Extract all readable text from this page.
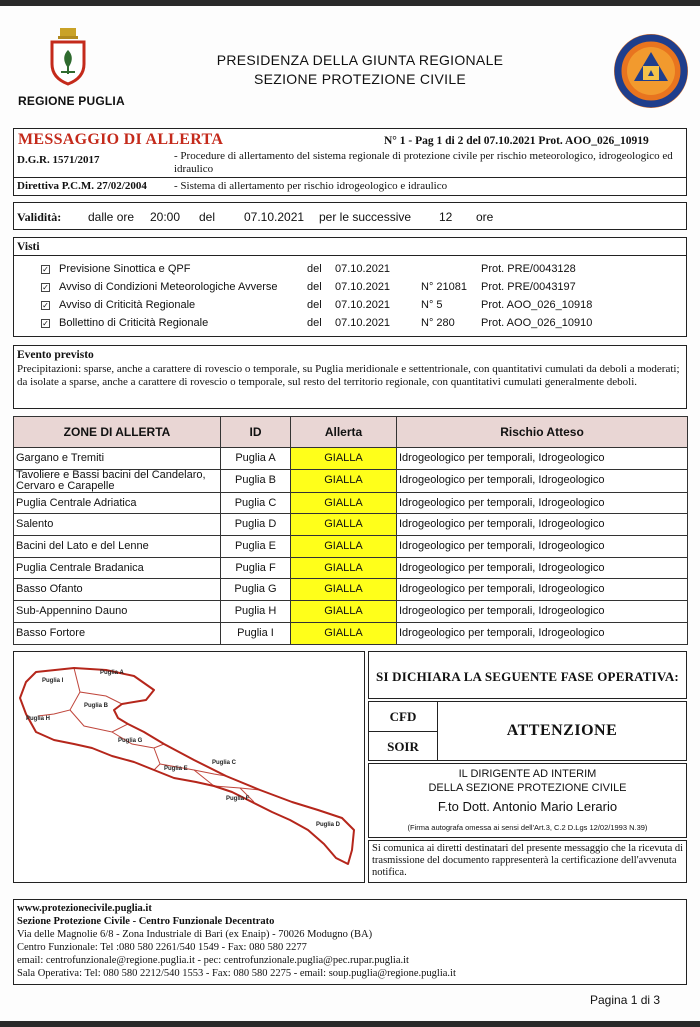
REGIONE PUGLIA
PRESIDENZA DELLA GIUNTA REGIONALE
SEZIONE PROTEZIONE CIVILE
MESSAGGIO DI ALLERTA	N° 1 - Pag 1 di 2 del 07.10.2021 Prot. AOO_026_10919
D.G.R. 1571/2017	- Procedure di allertamento del sistema regionale di protezione civile per rischio meteorologico, idrogeologico ed idraulico
Direttiva P.C.M. 27/02/2004 - Sistema di allertamento per rischio idrogeologico e idraulico
Validità: dalle ore 20:00 del 07.10.2021 per le successive 12 ore
Visti
✓ Previsione Sinottica e QPF	del 07.10.2021	Prot. PRE/0043128
✓ Avviso di Condizioni Meteorologiche Avverse	del 07.10.2021	N° 21081 Prot. PRE/0043197
✓ Avviso di Criticità Regionale	del 07.10.2021	N° 5	Prot. AOO_026_10918
✓ Bollettino di Criticità Regionale	del 07.10.2021	N° 280 Prot. AOO_026_10910
Evento previsto
Precipitazioni: sparse, anche a carattere di rovescio o temporale, su Puglia meridionale e settentrionale, con quantitativi cumulati da deboli a moderati; da isolate a sparse, anche a carattere di rovescio o temporale, sul resto del territorio regionale, con quantitativi cumulati generalmente deboli.
ZONE DI ALLERTA	ID	Allerta	Rischio Atteso
Gargano e Tremiti	Puglia A	GIALLA	Idrogeologico per temporali, Idrogeologico
Tavoliere e Bassi bacini del Candelaro, Cervaro e Carapelle	Puglia B	GIALLA	Idrogeologico per temporali, Idrogeologico
Puglia Centrale Adriatica	Puglia C	GIALLA	Idrogeologico per temporali, Idrogeologico
Salento	Puglia D	GIALLA	Idrogeologico per temporali, Idrogeologico
Bacini del Lato e del Lenne	Puglia E	GIALLA	Idrogeologico per temporali, Idrogeologico
Puglia Centrale Bradanica	Puglia F	GIALLA	Idrogeologico per temporali, Idrogeologico
Basso Ofanto	Puglia G	GIALLA	Idrogeologico per temporali, Idrogeologico
Sub-Appennino Dauno	Puglia H	GIALLA	Idrogeologico per temporali, Idrogeologico
Basso Fortore	Puglia I	GIALLA	Idrogeologico per temporali, Idrogeologico
Puglia A
Puglia I
Puglia B
Puglia H
Puglia G
Puglia C
Puglia E
Puglia F
Puglia D
SI DICHIARA LA SEGUENTE FASE OPERATIVA:
CFD
SOIR
ATTENZIONE
IL DIRIGENTE AD INTERIM
DELLA SEZIONE PROTEZIONE CIVILE
F.to Dott. Antonio Mario Lerario
(Firma autografa omessa ai sensi dell'Art.3, C.2 D.Lgs 12/02/1993 N.39)
Si comunica ai diretti destinatari del presente messaggio che la ricevuta di trasmissione del documento rappresenterà la certificazione dell'avvenuta notifica.
www.protezionecivile.puglia.it
Sezione Protezione Civile - Centro Funzionale Decentrato
Via delle Magnolie 6/8 - Zona Industriale di Bari (ex Enaip) - 70026 Modugno (BA)
Centro Funzionale: Tel :080 580 2261/540 1549 - Fax: 080 580 2277
email: centrofunzionale@regione.puglia.it - pec: centrofunzionale.puglia@pec.rupar.puglia.it
Sala Operativa: Tel: 080 580 2212/540 1553 - Fax: 080 580 2275 - email: soup.puglia@regione.puglia.it
Pagina 1 di 3
